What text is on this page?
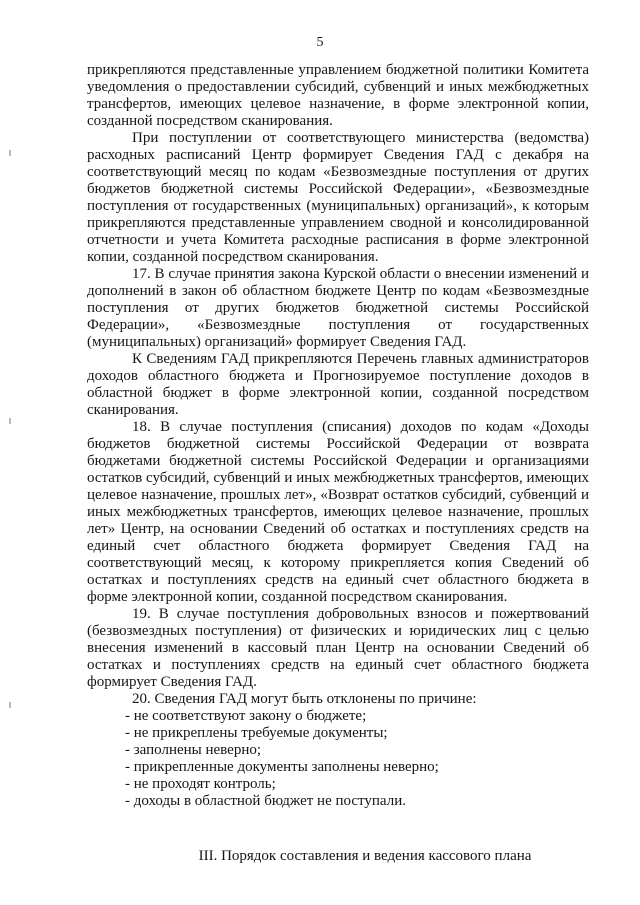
5

прикрепляются представленные управлением бюджетной политики Комитета уведомления о предоставлении субсидий, субвенций и иных межбюджетных трансфертов, имеющих целевое назначение, в форме электронной копии, созданной посредством сканирования.

При поступлении от соответствующего министерства (ведомства) расходных расписаний Центр формирует Сведения ГАД с декабря на соответствующий месяц по кодам «Безвозмездные поступления от других бюджетов бюджетной системы Российской Федерации», «Безвозмездные поступления от государственных (муниципальных) организаций», к которым прикрепляются представленные управлением сводной и консолидированной отчетности и учета Комитета расходные расписания в форме электронной копии, созданной посредством сканирования.

17. В случае принятия закона Курской области о внесении изменений и дополнений в закон об областном бюджете Центр по кодам «Безвозмездные поступления от других бюджетов бюджетной системы Российской Федерации», «Безвозмездные поступления от государственных (муниципальных) организаций» формирует Сведения ГАД.

К Сведениям ГАД прикрепляются Перечень главных администраторов доходов областного бюджета и Прогнозируемое поступление доходов в областной бюджет в форме электронной копии, созданной посредством сканирования.

18. В случае поступления (списания) доходов по кодам «Доходы бюджетов бюджетной системы Российской Федерации от возврата бюджетами бюджетной системы Российской Федерации и организациями остатков субсидий, субвенций и иных межбюджетных трансфертов, имеющих целевое назначение, прошлых лет», «Возврат остатков субсидий, субвенций и иных межбюджетных трансфертов, имеющих целевое назначение, прошлых лет» Центр, на основании Сведений об остатках и поступлениях средств на единый счет областного бюджета формирует Сведения ГАД на соответствующий месяц, к которому прикрепляется копия Сведений об остатках и поступлениях средств на единый счет областного бюджета в форме электронной копии, созданной посредством сканирования.

19. В случае поступления добровольных взносов и пожертвований (безвозмездных поступления) от физических и юридических лиц с целью внесения изменений в кассовый план Центр на основании Сведений об остатках и поступлениях средств на единый счет областного бюджета формирует Сведения ГАД.

20. Сведения ГАД могут быть отклонены по причине:

- не соответствуют закону о бюджете;

- не прикреплены требуемые документы;

- заполнены неверно;

- прикрепленные документы заполнены неверно;

- не проходят контроль;

- доходы в областной бюджет не поступали.

III. Порядок составления и ведения кассового плана
